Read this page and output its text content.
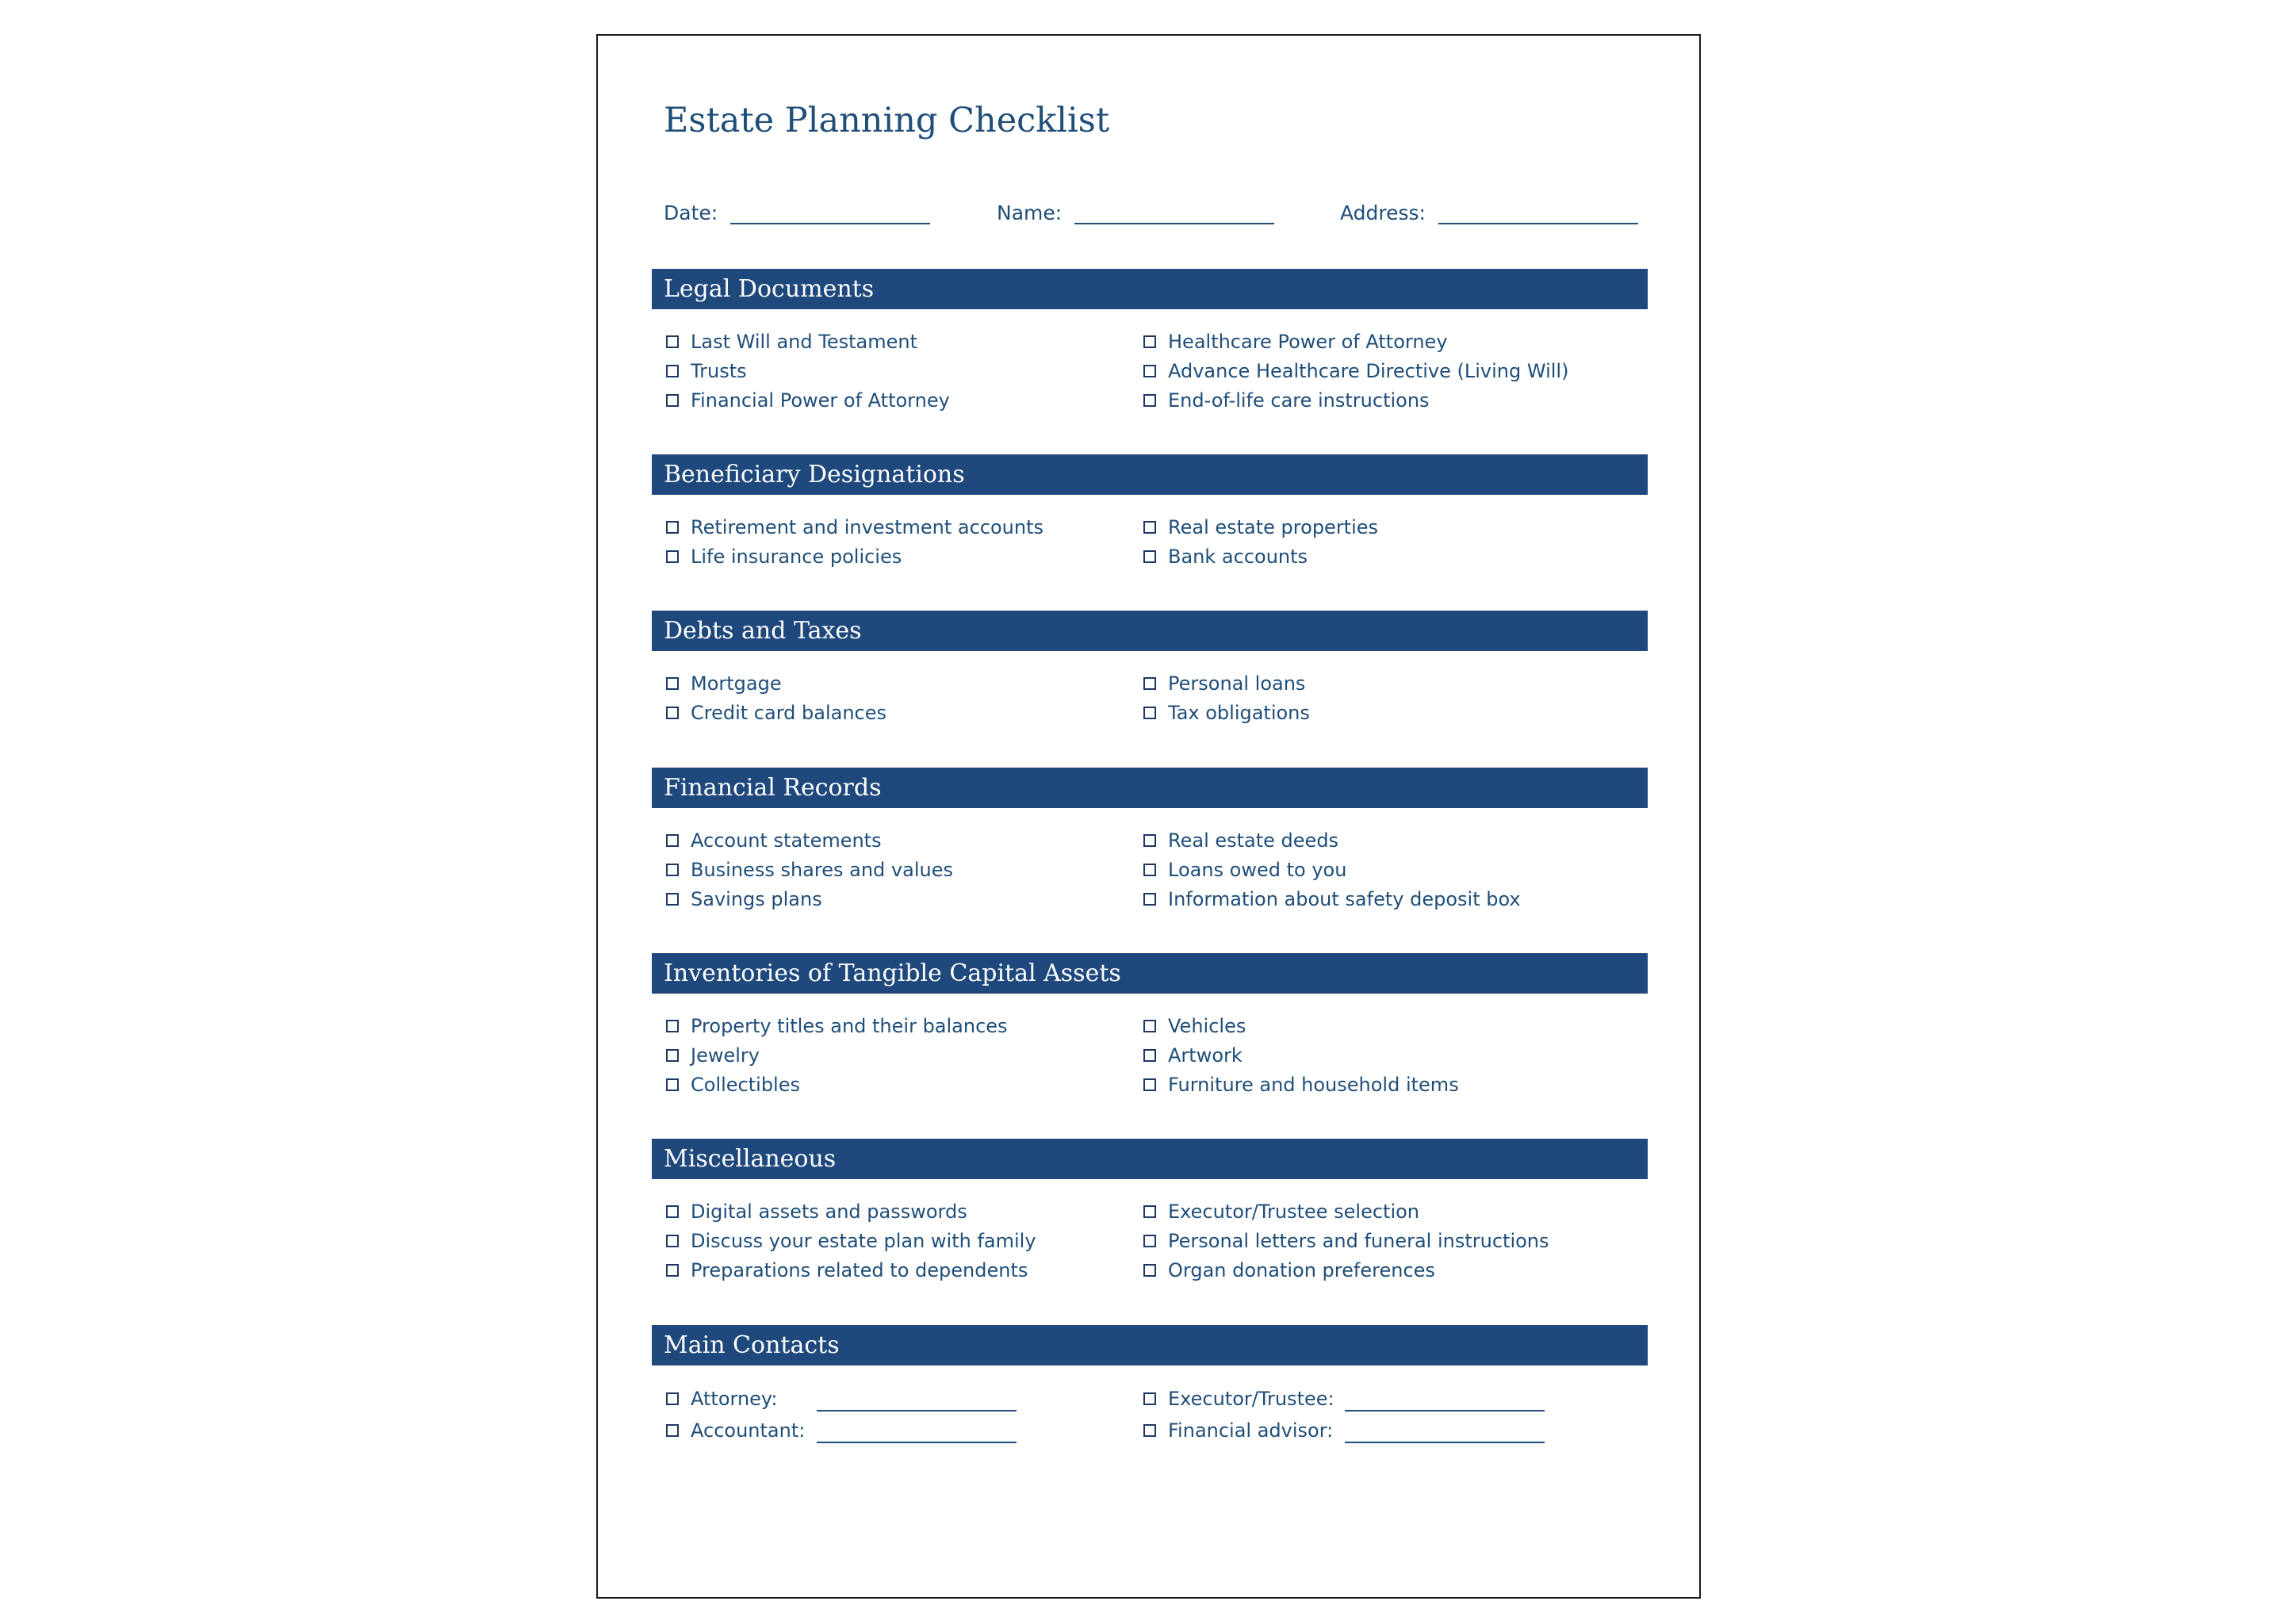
Estate Planning Checklist
Date:	Name:	Address:
Legal Documents
Last Will and Testament
Trusts
Financial Power of Attorney
Healthcare Power of Attorney
Advance Healthcare Directive (Living Will)
End-of-life care instructions
Beneficiary Designations
Retirement and investment accounts
Life insurance policies
Real estate properties
Bank accounts
Debts and Taxes
Mortgage
Credit card balances
Personal loans
Tax obligations
Financial Records
Account statements
Business shares and values
Savings plans
Real estate deeds
Loans owed to you
Information about safety deposit box
Inventories of Tangible Capital Assets
Property titles and their balances
Jewelry
Collectibles
Vehicles
Artwork
Furniture and household items
Miscellaneous
Digital assets and passwords
Discuss your estate plan with family
Preparations related to dependents
Executor/Trustee selection
Personal letters and funeral instructions
Organ donation preferences
Main Contacts
Attorney:
Accountant:
Executor/Trustee:
Financial advisor:
